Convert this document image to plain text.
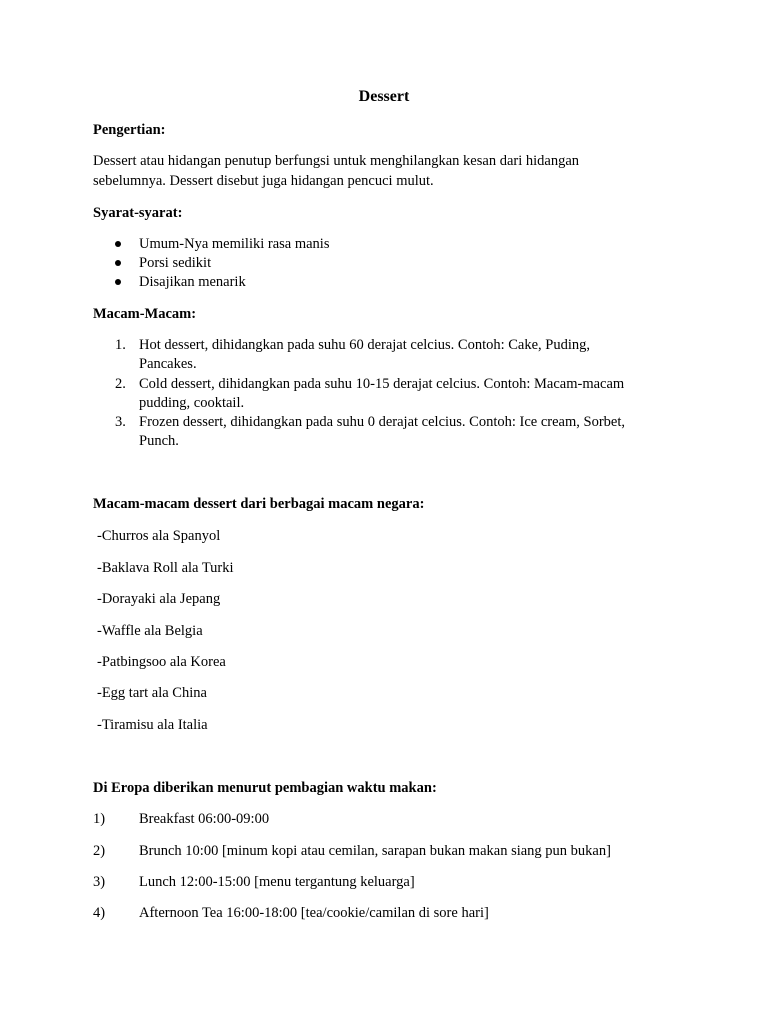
Dessert
Pengertian:
Dessert atau hidangan penutup berfungsi untuk menghilangkan kesan dari hidangan
sebelumnya. Dessert disebut juga hidangan pencuci mulut.
Syarat-syarat:
Umum-Nya memiliki rasa manis
Porsi sedikit
Disajikan menarik
Macam-Macam:
1. Hot dessert, dihidangkan pada suhu 60 derajat celcius. Contoh: Cake, Puding,
Pancakes.
2. Cold dessert, dihidangkan pada suhu 10-15 derajat celcius. Contoh: Macam-macam
pudding, cooktail.
3. Frozen dessert, dihidangkan pada suhu 0 derajat celcius. Contoh: Ice cream, Sorbet,
Punch.
Macam-macam dessert dari berbagai macam negara:
-Churros ala Spanyol
-Baklava Roll ala Turki
-Dorayaki ala Jepang
-Waffle ala Belgia
-Patbingsoo ala Korea
-Egg tart ala China
-Tiramisu ala Italia
Di Eropa diberikan menurut pembagian waktu makan:
1) Breakfast 06:00-09:00
2) Brunch 10:00 [minum kopi atau cemilan, sarapan bukan makan siang pun bukan]
3) Lunch 12:00-15:00 [menu tergantung keluarga]
4) Afternoon Tea 16:00-18:00 [tea/cookie/camilan di sore hari]
